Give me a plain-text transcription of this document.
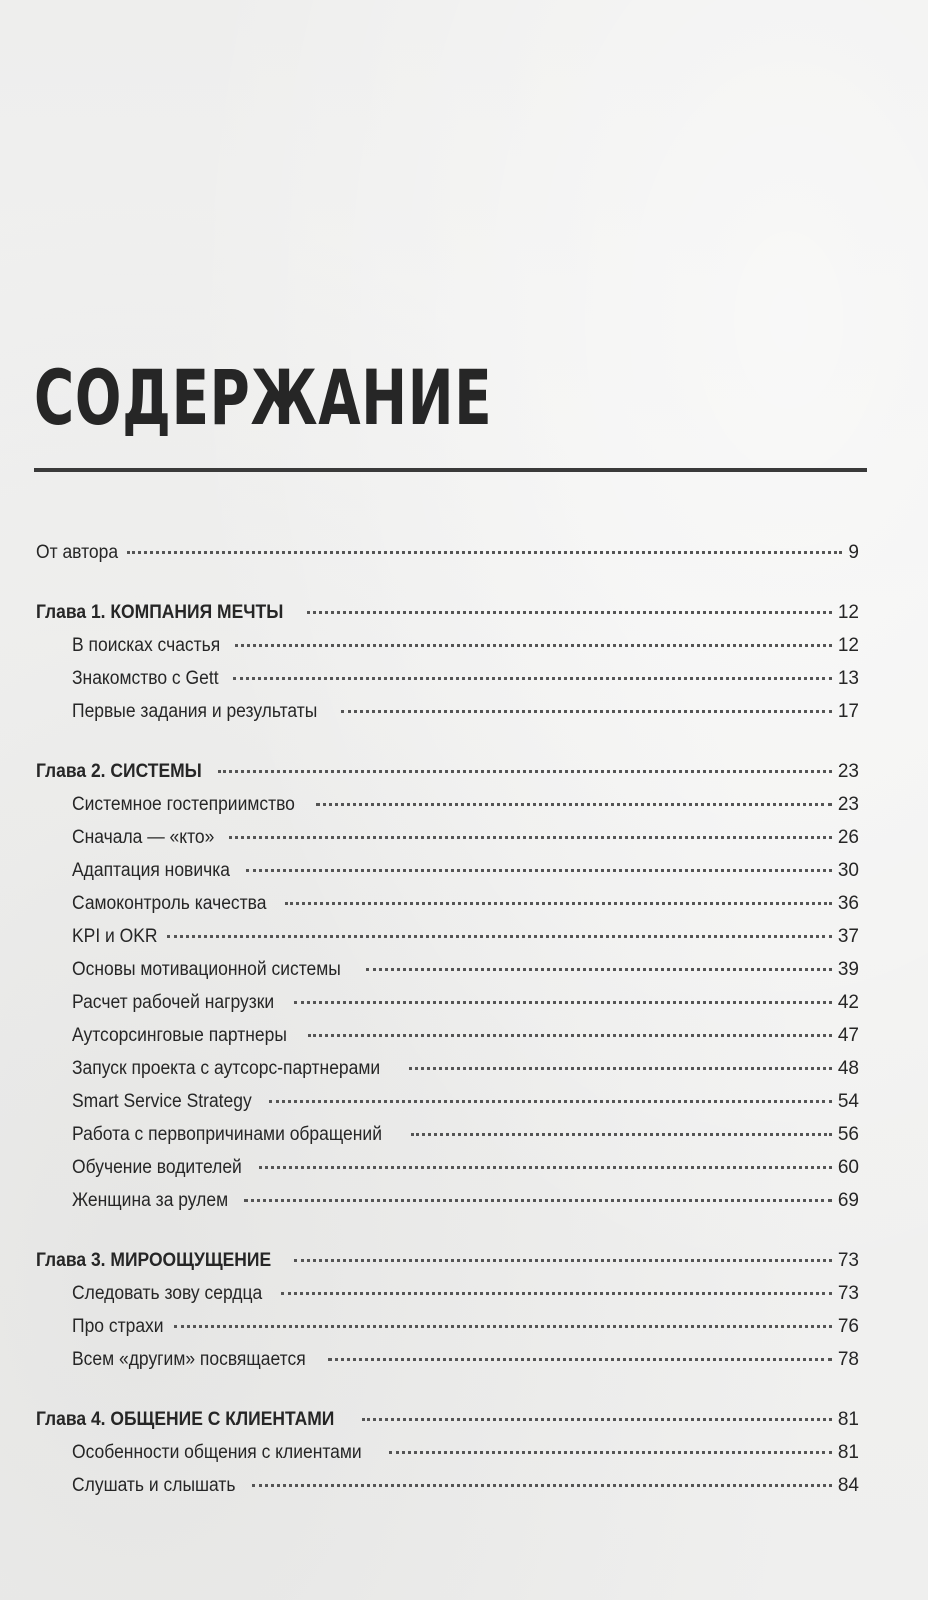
СОДЕРЖАНИЕ
От автора	9
Глава 1. КОМПАНИЯ МЕЧТЫ	12
В поисках счастья	12
Знакомство с Gett	13
Первые задания и результаты	17
Глава 2. СИСТЕМЫ	23
Системное гостеприимство	23
Сначала — «кто»	26
Адаптация новичка	30
Самоконтроль качества	36
KPI и OKR	37
Основы мотивационной системы	39
Расчет рабочей нагрузки	42
Аутсорсинговые партнеры	47
Запуск проекта с аутсорс-партнерами	48
Smart Service Strategy	54
Работа с первопричинами обращений	56
Обучение водителей	60
Женщина за рулем	69
Глава 3. МИРООЩУЩЕНИЕ	73
Следовать зову сердца	73
Про страхи	76
Всем «другим» посвящается	78
Глава 4. ОБЩЕНИЕ С КЛИЕНТАМИ	81
Особенности общения с клиентами	81
Слушать и слышать	84
